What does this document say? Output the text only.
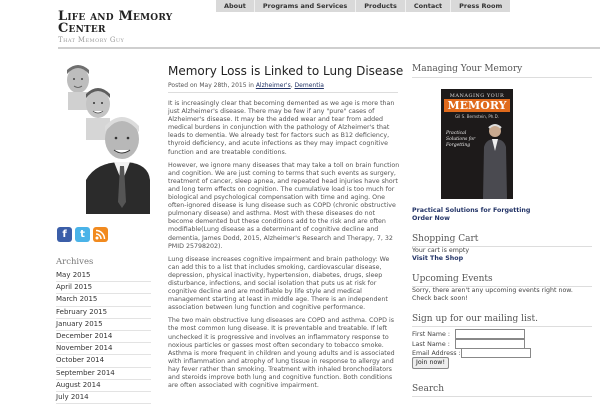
About	Programs and Services	Products	Contact	Press Room
Life and Memory
Center
That Memory Guy
f	t
Archives
May 2015
April 2015
March 2015
February 2015
January 2015
December 2014
November 2014
October 2014
September 2014
August 2014
July 2014
Memory Loss is Linked to Lung Disease
Posted on May 28th, 2015 in Alzheimer's, Dementia

It is increasingly clear that becoming demented as we age is more than just Alzheimer's disease. There may be few if any "pure" cases of Alzheimer's disease. It may be the added wear and tear from added medical burdens in conjunction with the pathology of Alzheimer's that leads to dementia. We already test for factors such as B12 deficiency, thyroid deficiency, and acute infections as they may impact cognitive function and are treatable conditions.

However, we ignore many diseases that may take a toll on brain function and cognition. We are just coming to terms that such events as surgery, treatment of cancer, sleep apnea, and repeated head injuries have short and long term effects on cognition. The cumulative load is too much for biological and psychological compensation with time and aging. One often-ignored disease is lung disease such as COPD (chronic obstructive pulmonary disease) and asthma. Most with these diseases do not become demented but these conditions add to the risk and are often modifiable(Lung disease as a determinant of cognitive decline and dementia, James Dodd, 2015, Alzheimer's Research and Therapy, 7, 32 PMID 25798202).

Lung disease increases cognitive impairment and brain pathology: We can add this to a list that includes smoking, cardiovascular disease, depression, physical inactivity, hypertension, diabetes, drugs, sleep disturbance, infections, and social isolation that puts us at risk for cognitive decline and are modifiable by life style and medical management starting at least in middle age. There is an independent association between lung function and cognitive performance.

The two main obstructive lung diseases are COPD and asthma. COPD is the most common lung disease. It is preventable and treatable. If left unchecked it is progressive and involves an inflammatory response to noxious particles or gasses most often secondary to tobacco smoke. Asthma is more frequent in children and young adults and is associated with inflammation and atrophy of lung tissue in response to allergy and hay fever rather than smoking. Treatment with inhaled bronchodilators and steroids improve both lung and cognitive function. Both conditions are often associated with cognitive impairment.

Managing Your Memory
MANAGING YOUR
MEMORY
Gil S. Bernstein, Ph.D.
Practical Solutions for Forgetting
Practical Solutions for Forgetting
Order Now
Shopping Cart
Your cart is empty
Visit The Shop
Upcoming Events
Sorry, there aren't any upcoming events right now. Check back soon!
Sign up for our mailing list.
First Name :
Last Name :
Email Address :
Join now!
Search
